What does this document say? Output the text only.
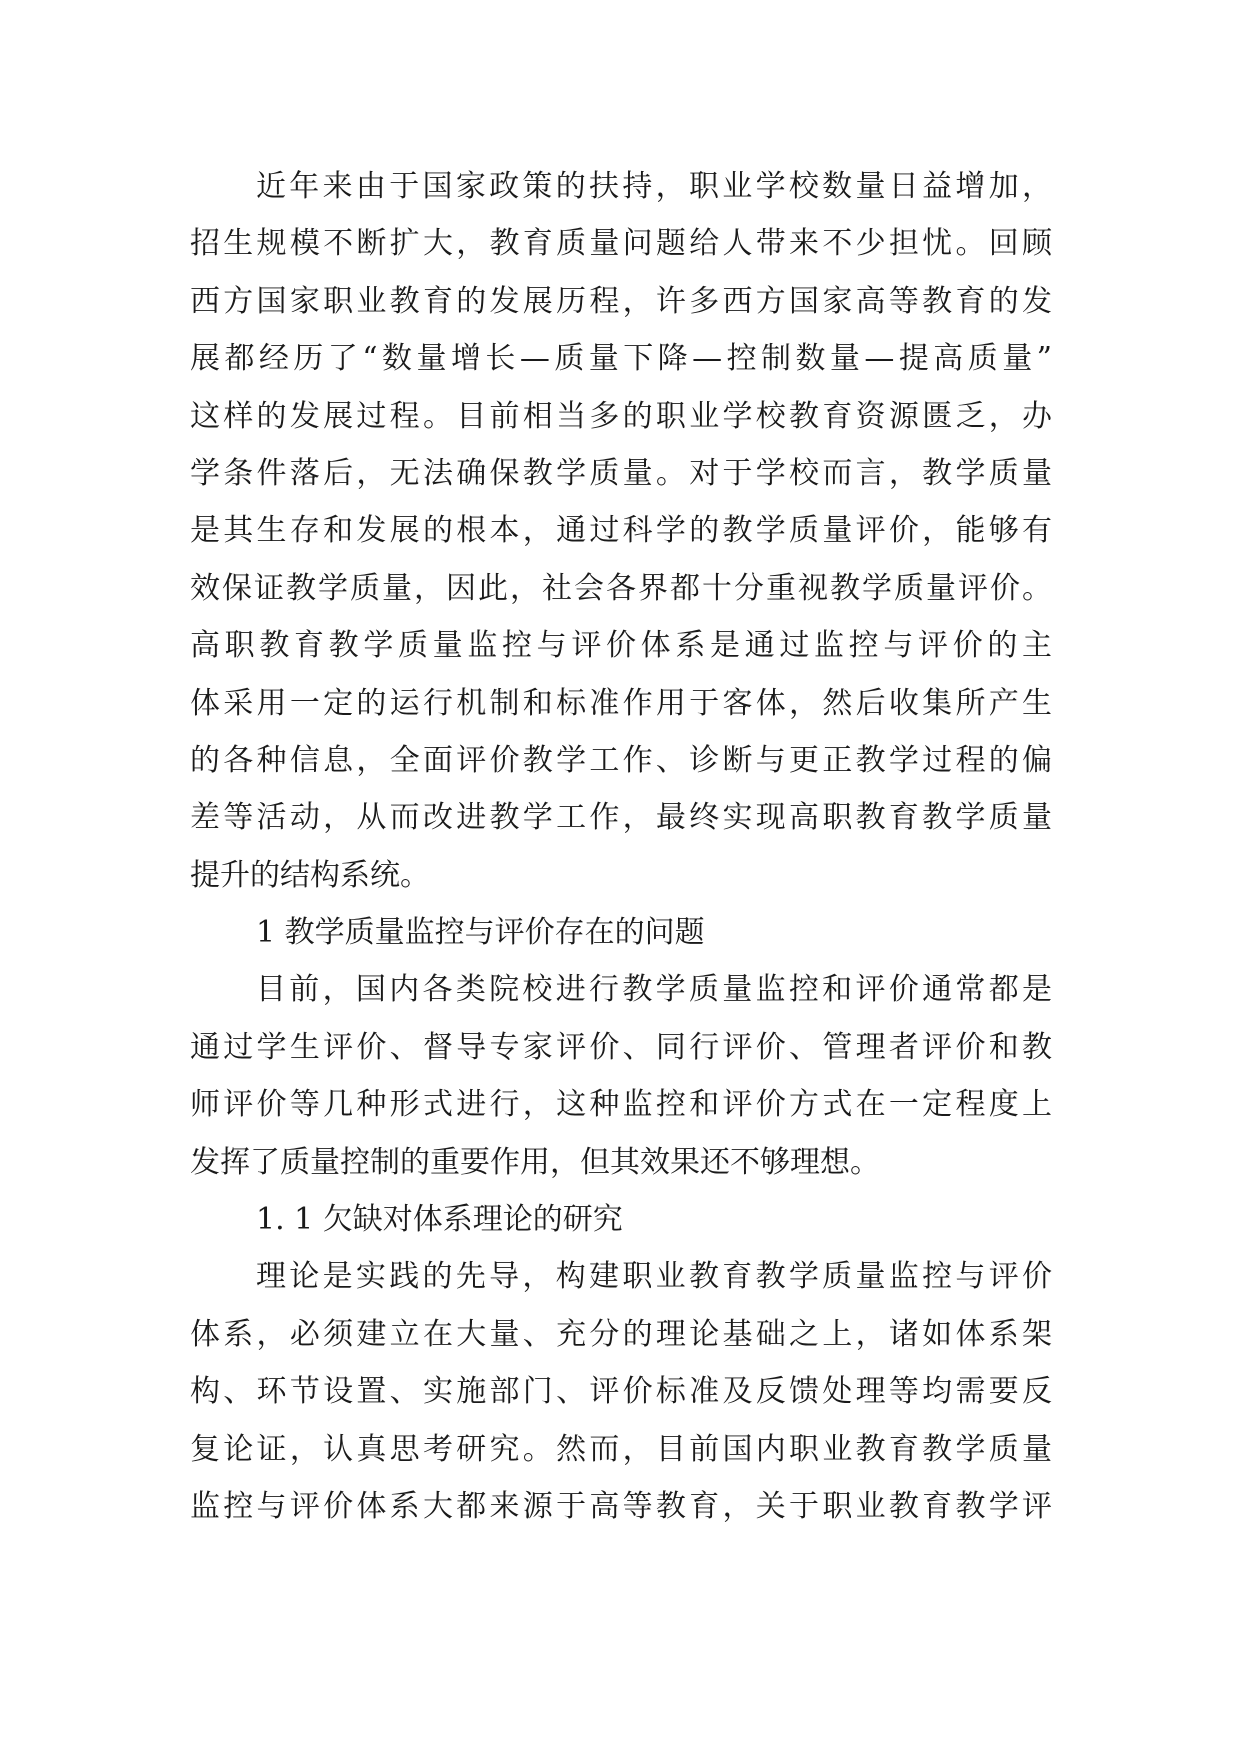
近年来由于国家政策的扶持，职业学校数量日益增加，
招生规模不断扩大，教育质量问题给人带来不少担忧。回顾
西方国家职业教育的发展历程，许多西方国家高等教育的发
展都经历了“数量增长—质量下降—控制数量—提高质量”
这样的发展过程。目前相当多的职业学校教育资源匮乏，办
学条件落后，无法确保教学质量。对于学校而言，教学质量
是其生存和发展的根本，通过科学的教学质量评价，能够有
效保证教学质量，因此，社会各界都十分重视教学质量评价。
高职教育教学质量监控与评价体系是通过监控与评价的主
体采用一定的运行机制和标准作用于客体，然后收集所产生
的各种信息，全面评价教学工作、诊断与更正教学过程的偏
差等活动，从而改进教学工作，最终实现高职教育教学质量
提升的结构系统。
1 教学质量监控与评价存在的问题
目前，国内各类院校进行教学质量监控和评价通常都是
通过学生评价、督导专家评价、同行评价、管理者评价和教
师评价等几种形式进行，这种监控和评价方式在一定程度上
发挥了质量控制的重要作用，但其效果还不够理想。
1. 1 欠缺对体系理论的研究
理论是实践的先导，构建职业教育教学质量监控与评价
体系，必须建立在大量、充分的理论基础之上，诸如体系架
构、环节设置、实施部门、评价标准及反馈处理等均需要反
复论证，认真思考研究。然而，目前国内职业教育教学质量
监控与评价体系大都来源于高等教育，关于职业教育教学评
